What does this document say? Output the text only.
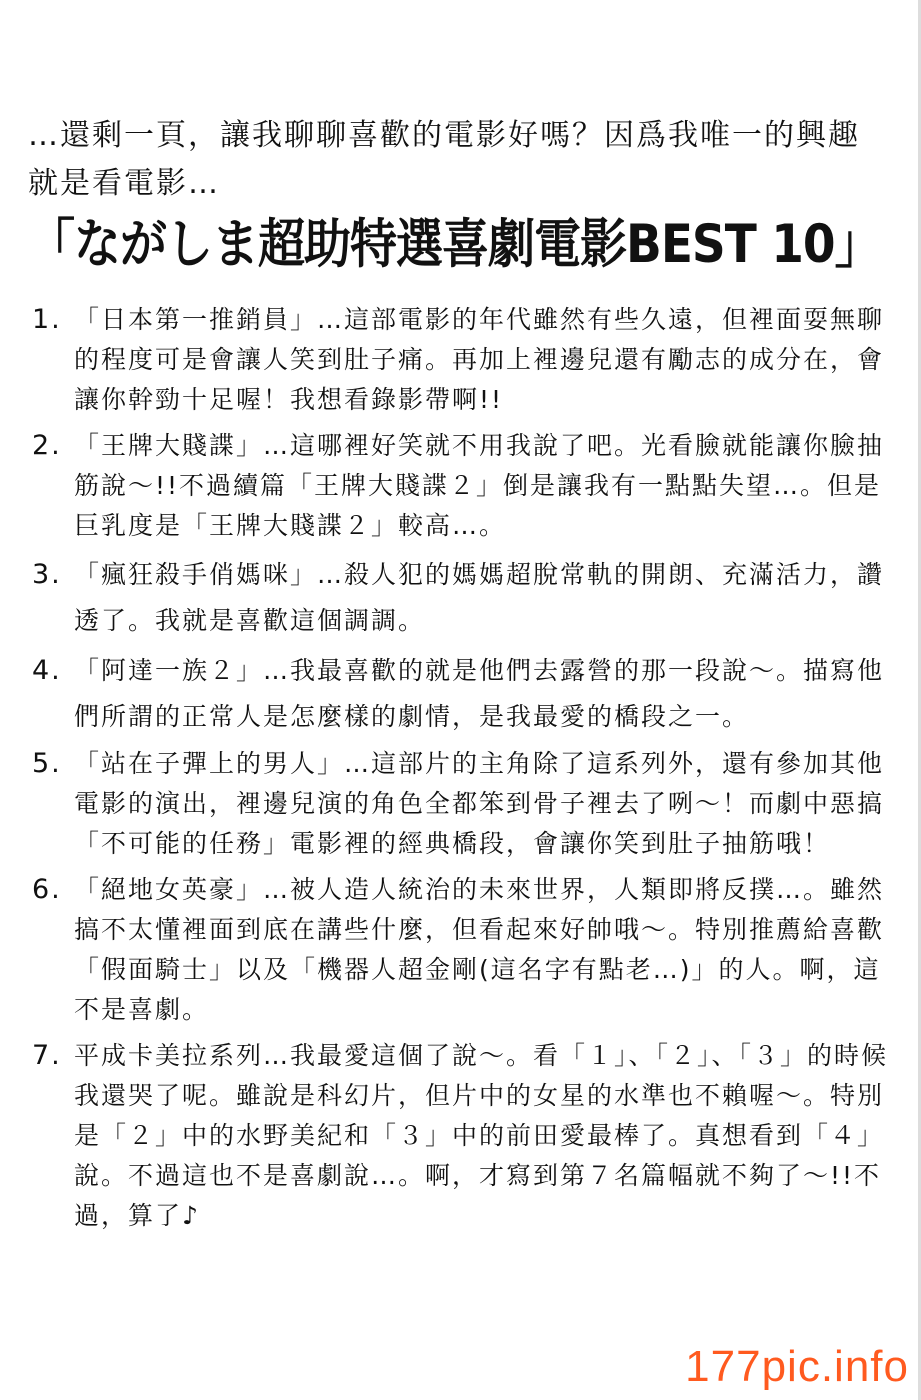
…還剩一頁，讓我聊聊喜歡的電影好嗎？因爲我唯一的興趣就是看電影…
「ながしま超助特選喜劇電影BEST 10」
1. 「日本第一推銷員」…這部電影的年代雖然有些久遠，但裡面耍無聊的程度可是會讓人笑到肚子痛。再加上裡邊兒還有勵志的成分在，會讓你幹勁十足喔！我想看錄影帶啊!!
2. 「王牌大賤諜」…這哪裡好笑就不用我說了吧。光看臉就能讓你臉抽筋說～!!不過續篇「王牌大賤諜２」倒是讓我有一點點失望…。但是巨乳度是「王牌大賤諜２」較高…。
3. 「瘋狂殺手俏媽咪」…殺人犯的媽媽超脫常軌的開朗、充滿活力，讚透了。我就是喜歡這個調調。
4. 「阿達一族２」…我最喜歡的就是他們去露營的那一段說～。描寫他們所謂的正常人是怎麼樣的劇情，是我最愛的橋段之一。
5. 「站在子彈上的男人」…這部片的主角除了這系列外，還有參加其他電影的演出，裡邊兒演的角色全都笨到骨子裡去了咧～！而劇中惡搞「不可能的任務」電影裡的經典橋段，會讓你笑到肚子抽筋哦！
6. 「絕地女英豪」…被人造人統治的未來世界，人類即將反撲…。雖然搞不太懂裡面到底在講些什麼，但看起來好帥哦～。特別推薦給喜歡「假面騎士」以及「機器人超金剛(這名字有點老…)」的人。啊，這不是喜劇。
7. 平成卡美拉系列…我最愛這個了說～。看「１」、「２」、「３」的時候我還哭了呢。雖說是科幻片，但片中的女星的水準也不賴喔～。特別是「２」中的水野美紀和「３」中的前田愛最棒了。真想看到「４」說。不過這也不是喜劇說…。啊，才寫到第７名篇幅就不夠了～!!不過，算了♪
177pic.info
